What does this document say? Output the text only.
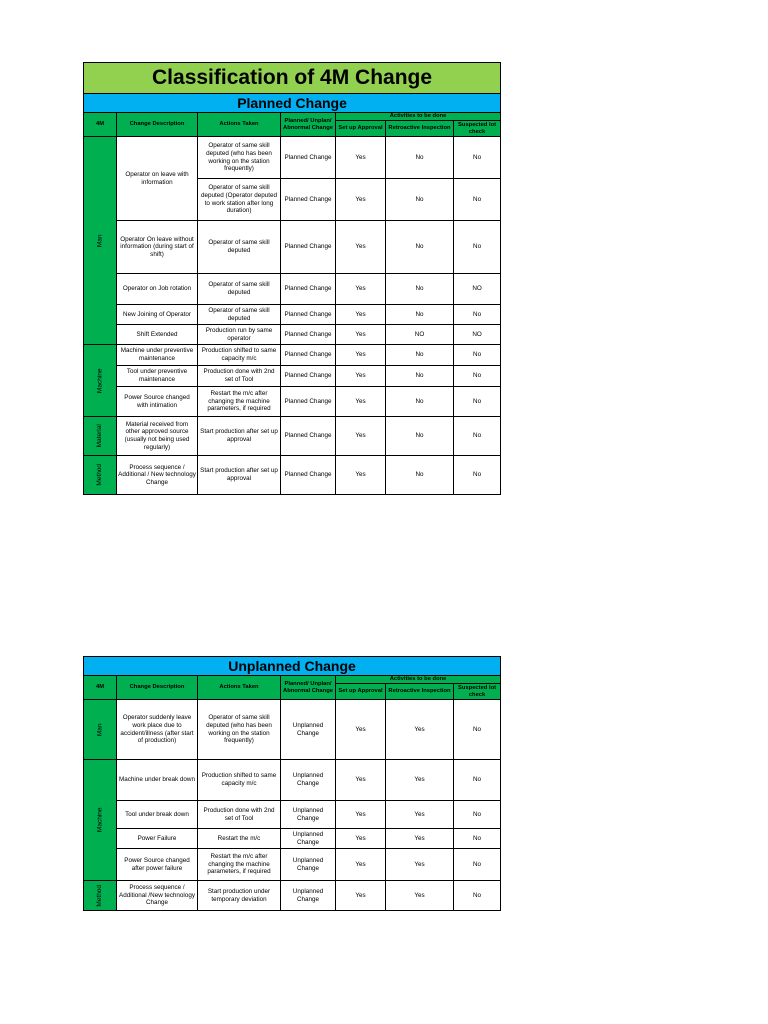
Classification of 4M Change						
Planned Change						
4M	Change Description	Actions Taken	Planned/ Unplan/ Abnormal Change	Activities to be done		
				Set up Approval	Retroactive Inspection	Suspected lot check
Man	Operator on leave with information	Operator of same skill deputed (who has been working on the station frequently)	Planned Change	Yes	No	No
		Operator of same skill deputed (Operator deputed to work station after long duration)	Planned Change	Yes	No	No
	Operator On leave without information (during start of shift)	Operator of same skill deputed	Planned Change	Yes	No	No
	Operator on Job rotation	Operator of same skill deputed	Planned Change	Yes	No	NO
	New Joining of Operator	Operator of same skill deputed	Planned Change	Yes	No	No
	Shift Extended	Production run by same operator	Planned Change	Yes	NO	NO
Machine	Machine under preventive maintenance	Production shifted to same capacity m/c	Planned Change	Yes	No	No
	Tool under preventive maintenance	Production done with 2nd set of Tool	Planned Change	Yes	No	No
	Power Source changed with intimation	Restart the m/c after changing the machine parameters, if required	Planned Change	Yes	No	No
Material	Material received from other approved source (usually not being used regularly)	Start production after set up approval	Planned Change	Yes	No	No
Method	Process sequence / Additional / New technology Change	Start production after set up approval	Planned Change	Yes	No	No
Unplanned Change						
4M	Change Description	Actions Taken	Planned/ Unplan/ Abnormal Change	Activities to be done		
				Set up Approval	Retroactive Inspection	Suspected lot check
Man	Operator suddenly leave work place due to accident/illness (after start of production)	Operator of same skill deputed (who has been working on the station frequently)	Unplanned Change	Yes	Yes	No
Machine	Machine under break down	Production shifted to same capacity m/c	Unplanned Change	Yes	Yes	No
	Tool under break down	Production done with 2nd set of Tool	Unplanned Change	Yes	Yes	No
	Power Failure	Restart the m/c	Unplanned Change	Yes	Yes	No
	Power Source changed after power failure	Restart the m/c after changing the machine parameters, if required	Unplanned Change	Yes	Yes	No
Method	Process sequence / Additional /New technology Change	Start production under temporary deviation	Unplanned Change	Yes	Yes	No
